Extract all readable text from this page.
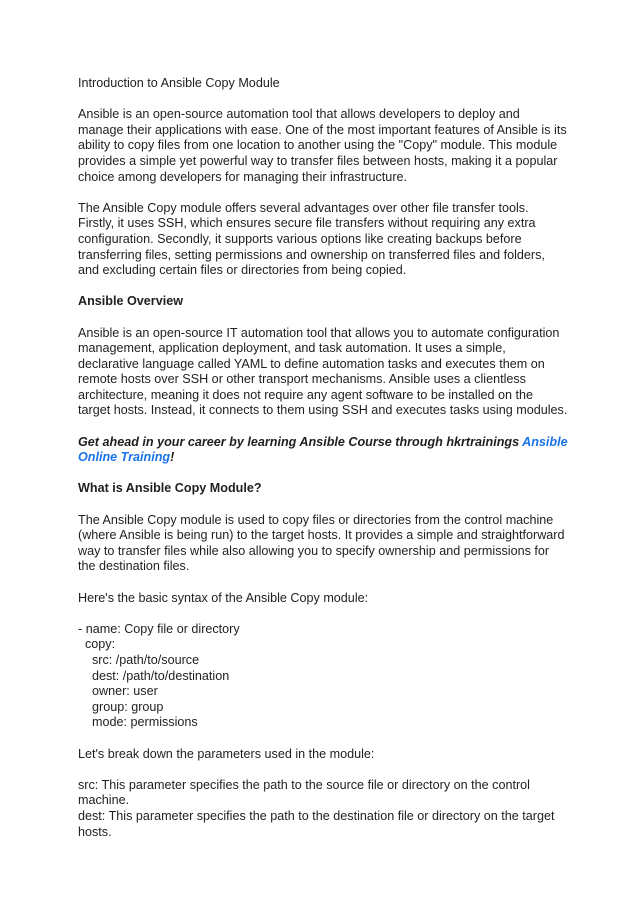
Introduction to Ansible Copy Module

Ansible is an open-source automation tool that allows developers to deploy and manage their applications with ease. One of the most important features of Ansible is its ability to copy files from one location to another using the "Copy" module. This module provides a simple yet powerful way to transfer files between hosts, making it a popular choice among developers for managing their infrastructure.

The Ansible Copy module offers several advantages over other file transfer tools. Firstly, it uses SSH, which ensures secure file transfers without requiring any extra configuration. Secondly, it supports various options like creating backups before transferring files, setting permissions and ownership on transferred files and folders, and excluding certain files or directories from being copied.

Ansible Overview

Ansible is an open-source IT automation tool that allows you to automate configuration management, application deployment, and task automation. It uses a simple, declarative language called YAML to define automation tasks and executes them on remote hosts over SSH or other transport mechanisms. Ansible uses a clientless architecture, meaning it does not require any agent software to be installed on the target hosts. Instead, it connects to them using SSH and executes tasks using modules.

Get ahead in your career by learning Ansible Course through hkrtrainings Ansible Online Training!

What is Ansible Copy Module?

The Ansible Copy module is used to copy files or directories from the control machine (where Ansible is being run) to the target hosts. It provides a simple and straightforward way to transfer files while also allowing you to specify ownership and permissions for the destination files.

Here's the basic syntax of the Ansible Copy module:

- name: Copy file or directory
copy:
src: /path/to/source
dest: /path/to/destination
owner: user
group: group
mode: permissions

Let's break down the parameters used in the module:

src: This parameter specifies the path to the source file or directory on the control machine.
dest: This parameter specifies the path to the destination file or directory on the target hosts.
